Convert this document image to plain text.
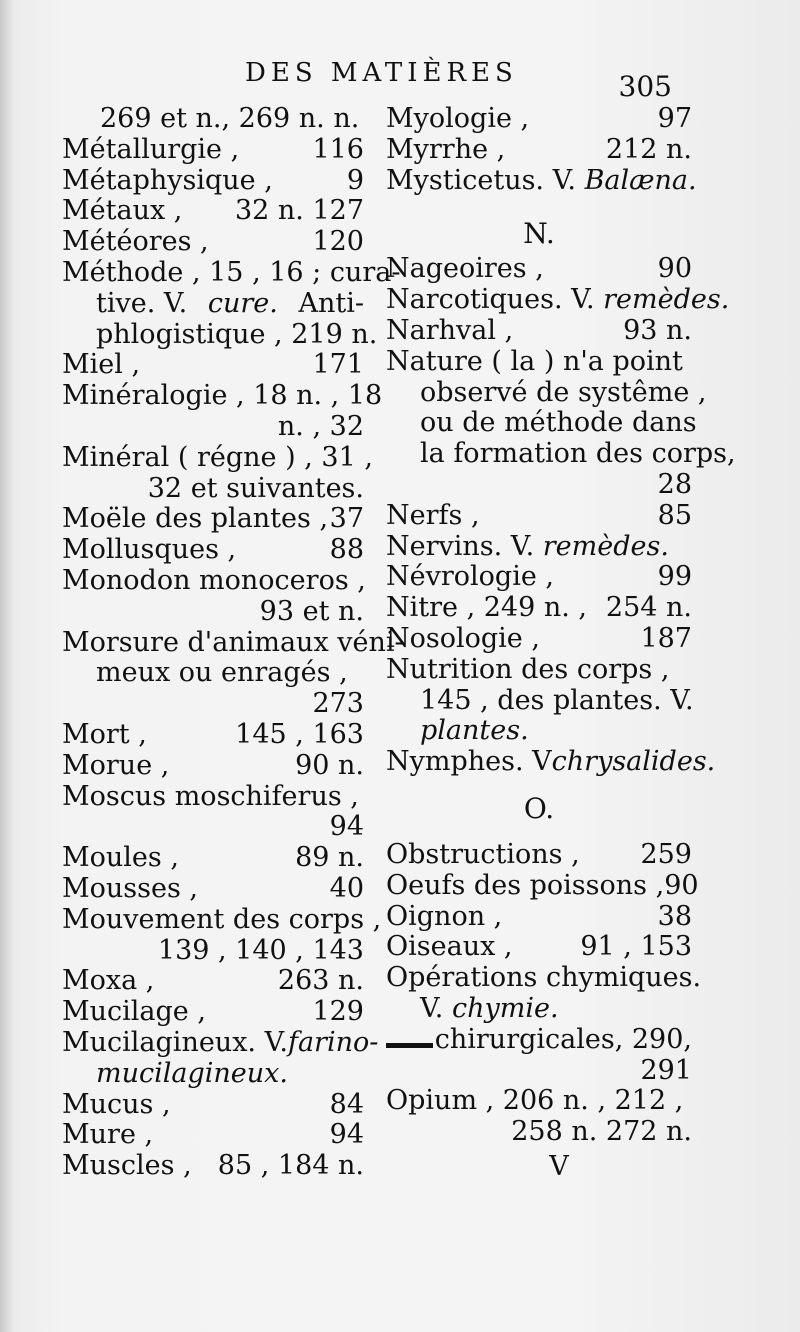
DES MATIÈRES	305
269 et n., 269 n. n.
Métallurgie ,	116
Métaphysique ,	9
Métaux , 32 n. 127
Météores ,	120
Méthode , 15 , 16 ; cura-
tive. V. cure. Anti-
phlogistique , 219 n.
Miel ,	171
Minéralogie , 18 n. , 18
n. , 32
Minéral ( régne ) , 31 ,
32 et suivantes.
Moële des plantes , 37
Mollusques ,	88
Monodon monoceros ,
93 et n.
Morsure d'animaux véni-
meux ou enragés ,
273
Mort ,	145 , 163
Morue ,	90 n.
Moscus moschiferus ,
94
Moules ,	89 n.
Mousses ,	40
Mouvement des corps ,
139 , 140 , 143
Moxa ,	263 n.
Mucilage ,	129
Mucilagineux. V. farino-
mucilagineux.
Mucus ,	84
Mure ,	94
Muscles , 85 , 184 n.
Myologie ,	97
Myrrhe ,	212 n.
Mysticetus. V.
Balæna.
N.
Nageoires ,	90
Narcotiques. V.
remèdes.
Narhval ,	93 n.
Nature ( la ) n'a point
observé de systême ,
ou de méthode dans
la formation des corps,
28
Nerfs ,	85
Nervins. V.
remèdes.
Névrologie ,	99
Nitre , 249 n. , 254 n.
Nosologie ,	187
Nutrition des corps ,
145 , des plantes. V.
plantes.
Nymphes. V chrysalides.
O.
Obstructions , 259
Oeufs des poissons , 90
Oignon ,	38
Oiseaux ,	91 , 153
Opérations chymiques.
V.
chymie.
chirurgicales, 290,
291
Opium , 206 n. , 212 ,
258 n. 272 n.
V
